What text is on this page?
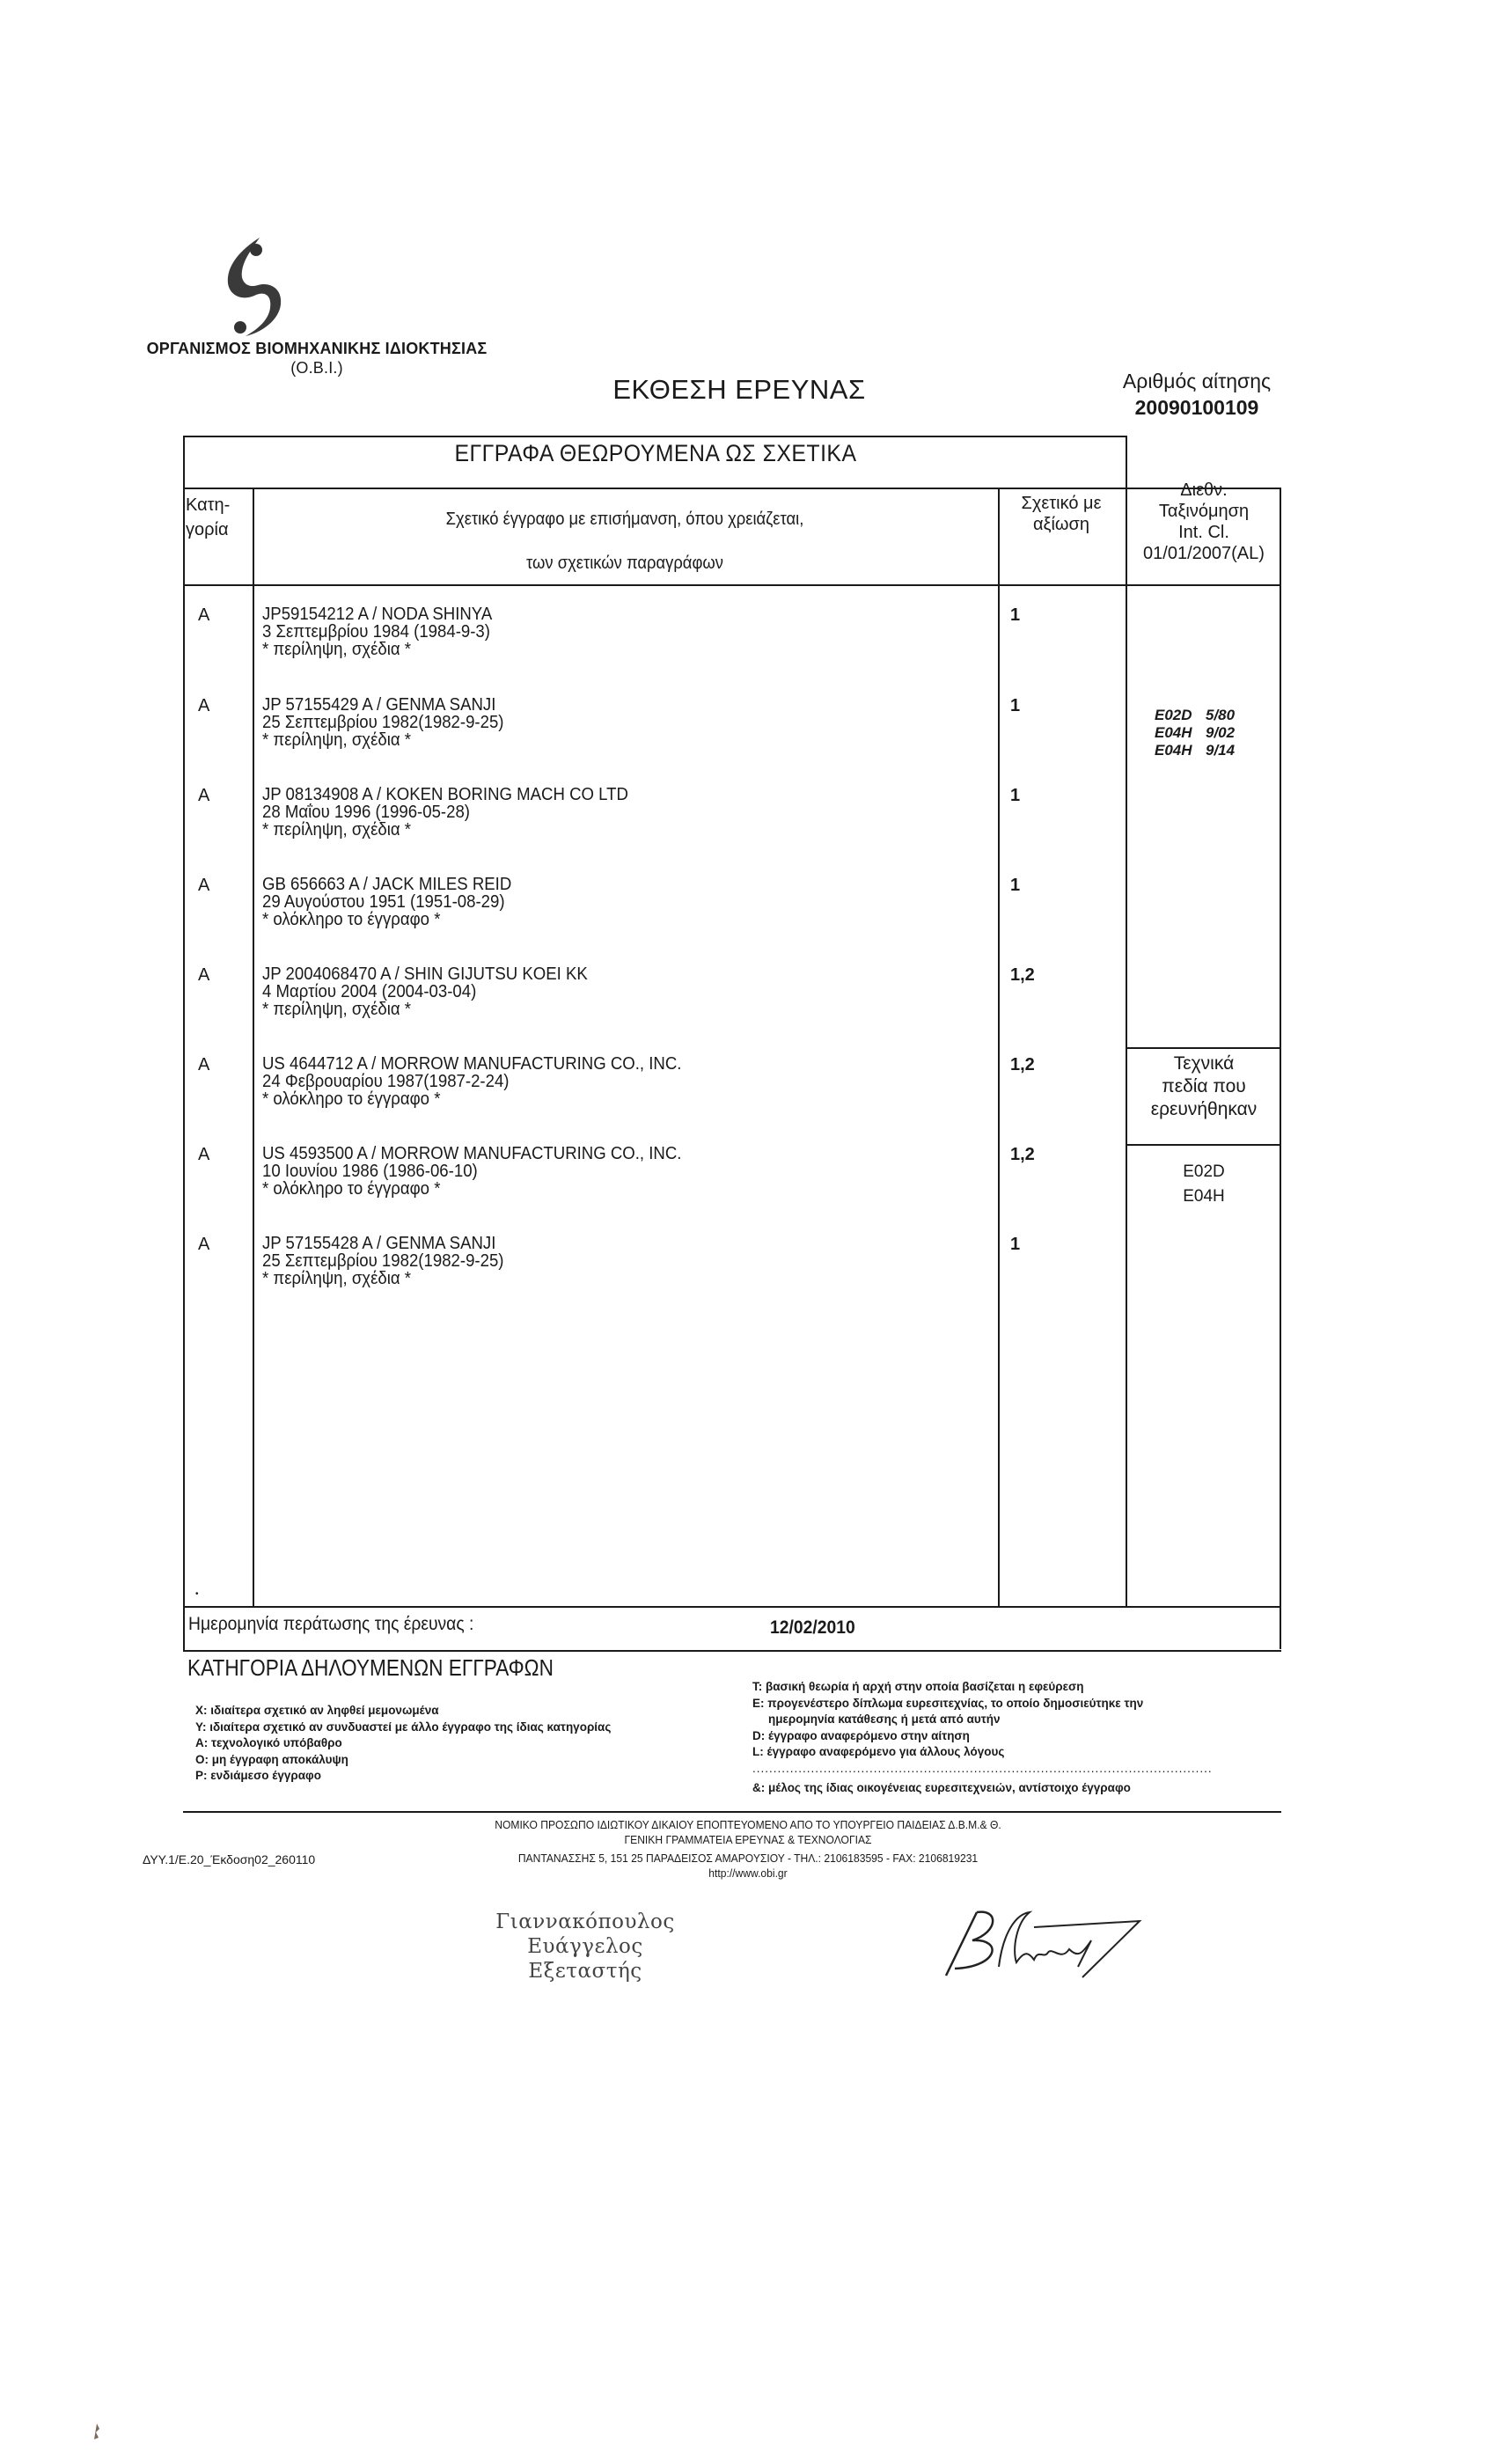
ΟΡΓΑΝΙΣΜΟΣ ΒΙΟΜΗΧΑΝΙΚΗΣ ΙΔΙΟΚΤΗΣΙΑΣ
(Ο.Β.Ι.)
ΕΚΘΕΣΗ ΕΡΕΥΝΑΣ	Αριθμός αίτησης
20090100109
ΕΓΓΡΑΦΑ ΘΕΩΡΟΥΜΕΝΑ ΩΣ ΣΧΕΤΙΚΑ
Κατη-
γορία
Σχετικό έγγραφο με επισήμανση, όπου χρειάζεται,
των σχετικών παραγράφων
Σχετικό με
αξίωση
Διεθν.
Ταξινόμηση
Int. Cl.
01/01/2007(AL)
A	JP59154212 A / NODA SHINYA
3 Σεπτεμβρίου 1984 (1984-9-3)
* περίληψη, σχέδια *
1
A	JP 57155429 A / GENMA SANJI
25 Σεπτεμβρίου 1982(1982-9-25)
* περίληψη, σχέδια *
1
A	JP 08134908 A / KOKEN BORING MACH CO LTD
28 Μαΐου 1996 (1996-05-28)
* περίληψη, σχέδια *
1
A	GB 656663 A / JACK MILES REID
29 Αυγούστου 1951 (1951-08-29)
* ολόκληρο το έγγραφο *
1
A	JP 2004068470 A / SHIN GIJUTSU KOEI KK
4 Μαρτίου 2004 (2004-03-04)
* περίληψη, σχέδια *
1,2
A	US 4644712 A / MORROW MANUFACTURING CO., INC.
24 Φεβρουαρίου 1987(1987-2-24)
* ολόκληρο το έγγραφο *
1,2
A	US 4593500 A / MORROW MANUFACTURING CO., INC.
10 Ιουνίου 1986 (1986-06-10)
* ολόκληρο το έγγραφο *
1,2
A	JP 57155428 A / GENMA SANJI
25 Σεπτεμβρίου 1982(1982-9-25)
* περίληψη, σχέδια *
1
E02D 5/80
E04H 9/02
E04H 9/14
Τεχνικά
πεδία που
ερευνήθηκαν
E02D
E04H
•
Ημερομηνία περάτωσης της έρευνας :	12/02/2010
ΚΑΤΗΓΟΡΙΑ ΔΗΛΟΥΜΕΝΩΝ ΕΓΓΡΑΦΩΝ
X: ιδιαίτερα σχετικό αν ληφθεί μεμονωμένα
Y: ιδιαίτερα σχετικό αν συνδυαστεί με άλλο έγγραφο της ίδιας κατηγορίας
A: τεχνολογικό υπόβαθρο
O: μη έγγραφη αποκάλυψη
P: ενδιάμεσο έγγραφο
T: βασική θεωρία ή αρχή στην οποία βασίζεται η εφεύρεση
E: προγενέστερο δίπλωμα ευρεσιτεχνίας, το οποίο δημοσιεύτηκε την
ημερομηνία κατάθεσης ή μετά από αυτήν
D: έγγραφο αναφερόμενο στην αίτηση
L: έγγραφο αναφερόμενο για άλλους λόγους
..............................................................................................................
&: μέλος της ίδιας οικογένειας ευρεσιτεχνειών, αντίστοιχο έγγραφο
ΝΟΜΙΚΟ ΠΡΟΣΩΠΟ ΙΔΙΩΤΙΚΟΥ ΔΙΚΑΙΟΥ ΕΠΟΠΤΕΥΟΜΕΝΟ ΑΠΟ ΤΟ ΥΠΟΥΡΓΕΙΟ ΠΑΙΔΕΙΑΣ Δ.Β.Μ.& Θ.
ΓΕΝΙΚΗ ΓΡΑΜΜΑΤΕΙΑ ΕΡΕΥΝΑΣ & ΤΕΧΝΟΛΟΓΙΑΣ
ΠΑΝΤΑΝΑΣΣΗΣ 5, 151 25 ΠΑΡΑΔΕΙΣΟΣ ΑΜΑΡΟΥΣΙΟΥ - ΤΗΛ.: 2106183595 - FAX: 2106819231
http://www.obi.gr
ΔΥΥ.1/Ε.20_Έκδοση02_260110
Γιαννακόπουλος Ευάγγελος
Εξεταστής
